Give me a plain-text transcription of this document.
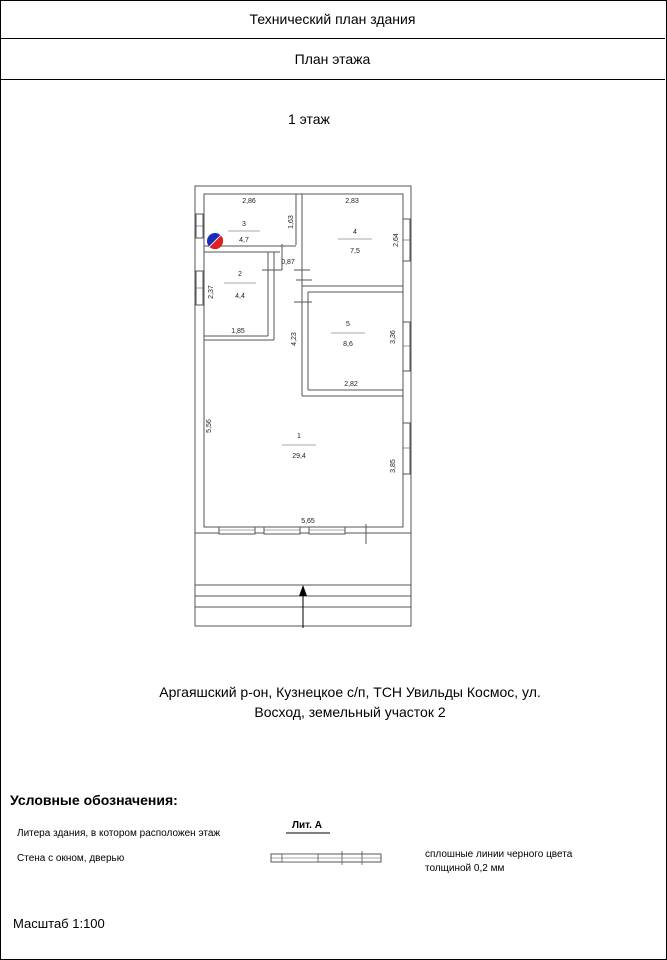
Технический план здания
План этажа
1 этаж
3
4,7
4
7,5
2
4,4
5
8,6
1
29,4
2,86
1,63
2,83
2,64
0,87
2,37
1,85
4,23	3,36
2,82
5,56
3,85
5,65
Аргаяшский р-он, Кузнецкое с/п, ТСН Увильды Космос, ул.
Восход, земельный участок 2
Условные обозначения:
Литера здания, в котором расположен этаж
Лит. А
Стена с окном, дверью	сплошные линии черного цвета
толщиной 0,2 мм
Масштаб 1:100
